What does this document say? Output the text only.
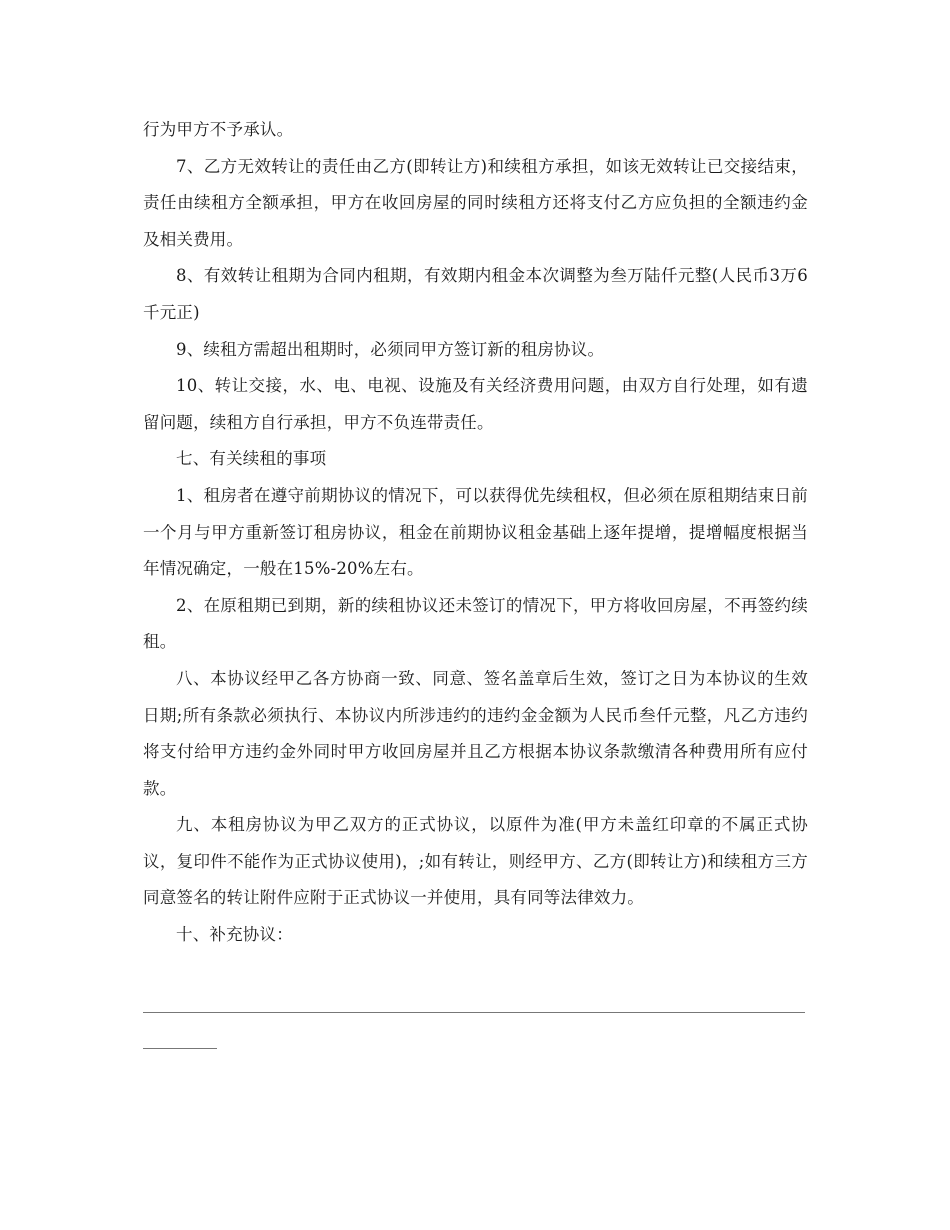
行为甲方不予承认。

7、乙方无效转让的责任由乙方(即转让方)和续租方承担，如该无效转让已交接结束，责任由续租方全额承担，甲方在收回房屋的同时续租方还将支付乙方应负担的全额违约金及相关费用。

8、有效转让租期为合同内租期，有效期内租金本次调整为叁万陆仟元整(人民币3万6千元正)

9、续租方需超出租期时，必须同甲方签订新的租房协议。

10、转让交接，水、电、电视、设施及有关经济费用问题，由双方自行处理，如有遗留问题，续租方自行承担，甲方不负连带责任。

七、有关续租的事项

1、租房者在遵守前期协议的情况下，可以获得优先续租权，但必须在原租期结束日前一个月与甲方重新签订租房协议，租金在前期协议租金基础上逐年提增，提增幅度根据当年情况确定，一般在15%-20%左右。

2、在原租期已到期，新的续租协议还未签订的情况下，甲方将收回房屋，不再签约续租。

八、本协议经甲乙各方协商一致、同意、签名盖章后生效，签订之日为本协议的生效日期;所有条款必须执行、本协议内所涉违约的违约金金额为人民币叁仟元整，凡乙方违约将支付给甲方违约金外同时甲方收回房屋并且乙方根据本协议条款缴清各种费用所有应付款。

九、本租房协议为甲乙双方的正式协议，以原件为准(甲方未盖红印章的不属正式协议，复印件不能作为正式协议使用)，;如有转让，则经甲方、乙方(即转让方)和续租方三方同意签名的转让附件应附于正式协议一并使用，具有同等法律效力。

十、补充协议：
